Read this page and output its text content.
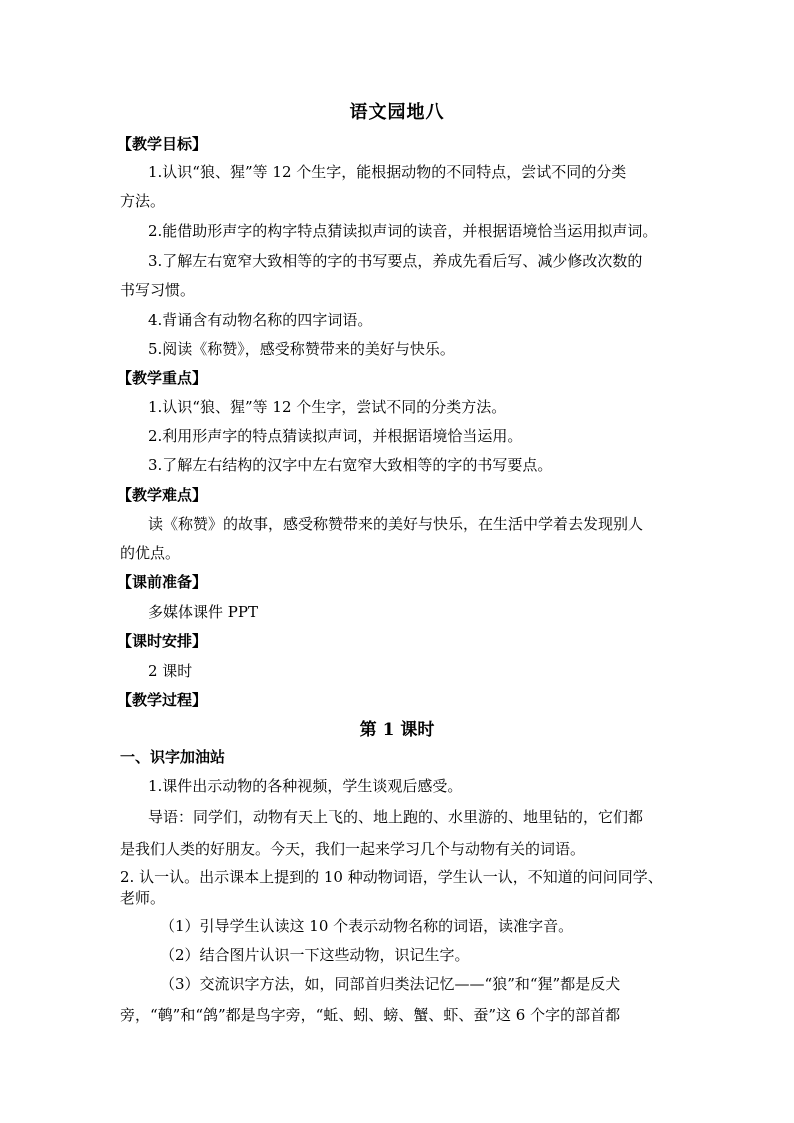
语文园地八
【教学目标】
1.认识“狼、猩”等 12 个生字，能根据动物的不同特点，尝试不同的分类
方法。
2.能借助形声字的构字特点猜读拟声词的读音，并根据语境恰当运用拟声词。
3.了解左右宽窄大致相等的字的书写要点，养成先看后写、减少修改次数的
书写习惯。
4.背诵含有动物名称的四字词语。
5.阅读《称赞》，感受称赞带来的美好与快乐。
【教学重点】
1.认识“狼、猩”等 12 个生字，尝试不同的分类方法。
2.利用形声字的特点猜读拟声词，并根据语境恰当运用。
3.了解左右结构的汉字中左右宽窄大致相等的字的书写要点。
【教学难点】
读《称赞》的故事，感受称赞带来的美好与快乐，在生活中学着去发现别人
的优点。
【课前准备】
多媒体课件 PPT
【课时安排】
2 课时
【教学过程】
第 1 课时
一、识字加油站
1.课件出示动物的各种视频，学生谈观后感受。
导语：同学们，动物有天上飞的、地上跑的、水里游的、地里钻的，它们都
是我们人类的好朋友。今天，我们一起来学习几个与动物有关的词语。
2. 认一认。出示课本上提到的 10 种动物词语，学生认一认，不知道的问问同学、
老师。
（1）引导学生认读这 10 个表示动物名称的词语，读准字音。
（2）结合图片认识一下这些动物，识记生字。
（3）交流识字方法，如，同部首归类法记忆——“狼”和“猩”都是反犬
旁，“鹌”和“鸽”都是鸟字旁，“蚯、蚓、螃、蟹、虾、蚕”这 6 个字的部首都
